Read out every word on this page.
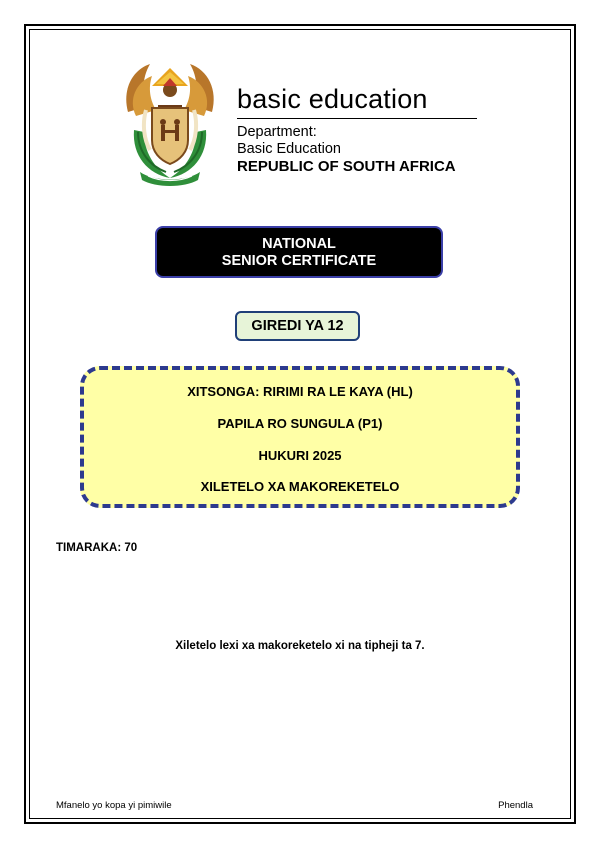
basic education
Department:
Basic Education
REPUBLIC OF SOUTH AFRICA
NATIONAL
SENIOR CERTIFICATE
GIREDI YA 12
XITSONGA: RIRIMI RA LE KAYA (HL)
PAPILA RO SUNGULA (P1)
HUKURI 2025
XILETELO XA MAKOREKETELO
TIMARAKA: 70
Xiletelo lexi xa makoreketelo xi na tipheji ta 7.
Mfanelo yo kopa yi pimiwile	Phendla
